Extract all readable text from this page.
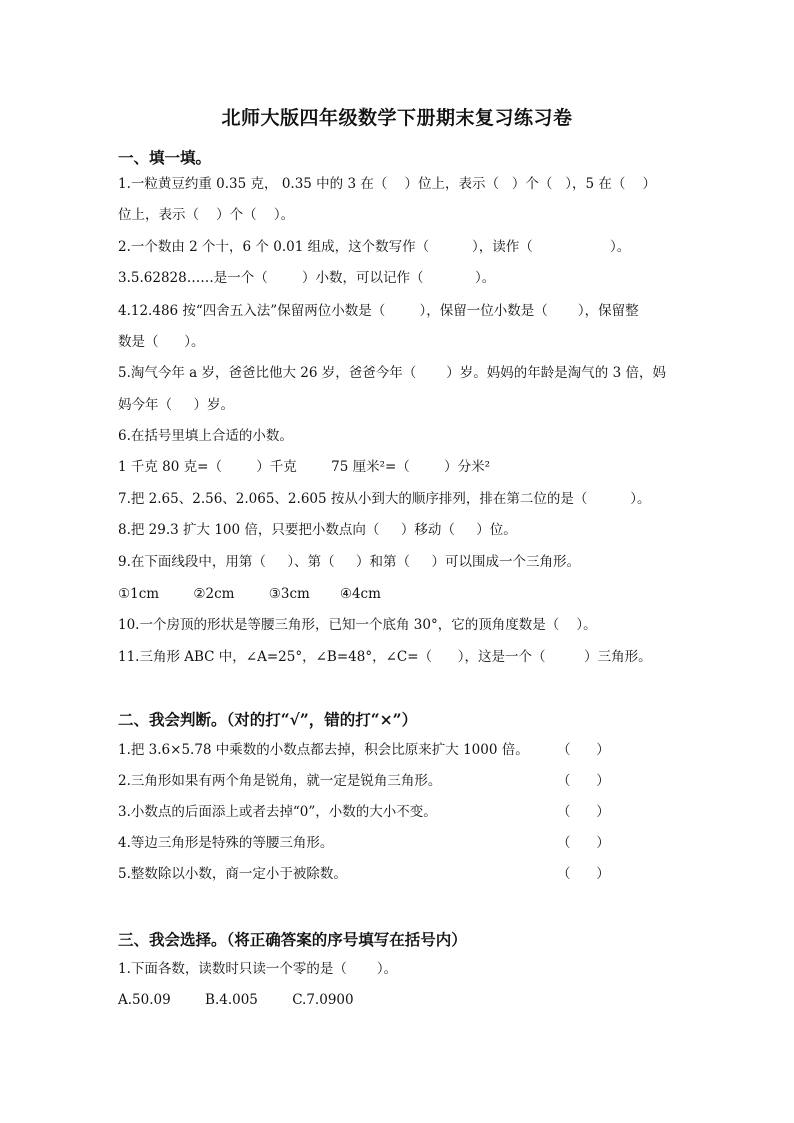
北师大版四年级数学下册期末复习练习卷
一、填一填。
1.一粒黄豆约重 0.35 克， 0.35 中的 3 在（    ）位上，表示（   ）个（   ），5 在（    ）
位上，表示（    ）个（    ）。
2.一个数由 2 个十，6 个 0.01 组成，这个数写作（          ），读作（                  ）。
3.5.62828……是一个（        ）小数，可以记作（            ）。
4.12.486 按“四舍五入法”保留两位小数是（        ），保留一位小数是（       ），保留整
数是（      ）。
5.淘气今年 a 岁，爸爸比他大 26 岁，爸爸今年（       ）岁。妈妈的年龄是淘气的 3 倍，妈
妈今年（     ）岁。
6.在括号里填上合适的小数。
1 千克 80 克=（        ）千克        75 厘米²=（        ）分米²
7.把 2.65、2.56、2.065、2.605 按从小到大的顺序排列，排在第二位的是（          ）。
8.把 29.3 扩大 100 倍，只要把小数点向（     ）移动（     ）位。
9.在下面线段中，用第（     ）、第（     ）和第（     ）可以围成一个三角形。
①1cm        ②2cm        ③3cm       ④4cm
10.一个房顶的形状是等腰三角形，已知一个底角 30°，它的顶角度数是（    ）。
11.三角形 ABC 中，∠A=25°，∠B=48°，∠C=（      ），这是一个（         ）三角形。
二、我会判断。（对的打“√”，错的打“×”）
1.把 3.6×5.78 中乘数的小数点都去掉，积会比原来扩大 1000 倍。 （      ）
2.三角形如果有两个角是锐角，就一定是锐角三角形。	（      ）
3.小数点的后面添上或者去掉“0”，小数的大小不变。	（      ）
4.等边三角形是特殊的等腰三角形。	（      ）
5.整数除以小数，商一定小于被除数。	（      ）
三、我会选择。（将正确答案的序号填写在括号内）
1.下面各数，读数时只读一个零的是（       ）。
A.50.09        B.4.005        C.7.0900
